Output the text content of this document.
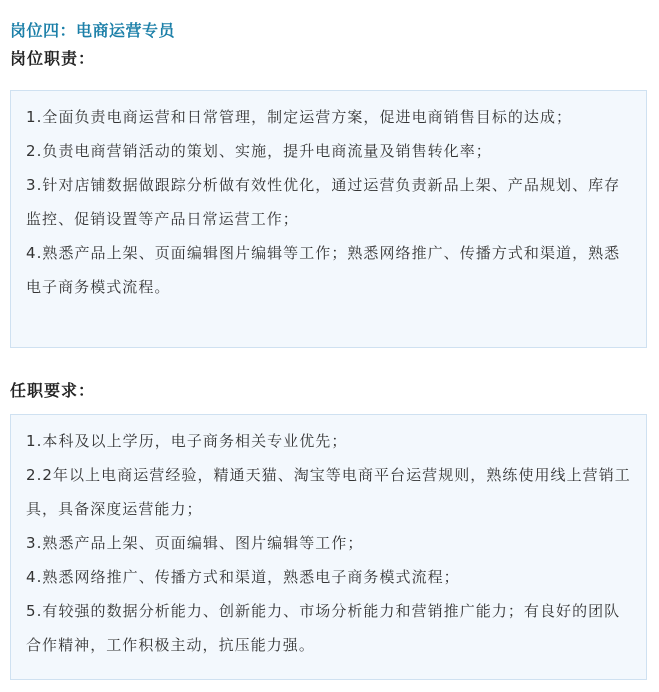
岗位四：电商运营专员
岗位职责：

1.全面负责电商运营和日常管理，制定运营方案，促进电商销售目标的达成；

2.负责电商营销活动的策划、实施，提升电商流量及销售转化率；

3.针对店铺数据做跟踪分析做有效性优化，通过运营负责新品上架、产品规划、库存监控、促销设置等产品日常运营工作；

4.熟悉产品上架、页面编辑图片编辑等工作；熟悉网络推广、传播方式和渠道，熟悉电子商务模式流程。

任职要求：

1.本科及以上学历，电子商务相关专业优先；

2.2年以上电商运营经验，精通天猫、淘宝等电商平台运营规则，熟练使用线上营销工具，具备深度运营能力；

3.熟悉产品上架、页面编辑、图片编辑等工作；

4.熟悉网络推广、传播方式和渠道，熟悉电子商务模式流程；

5.有较强的数据分析能力、创新能力、市场分析能力和营销推广能力；有良好的团队合作精神，工作积极主动，抗压能力强。
